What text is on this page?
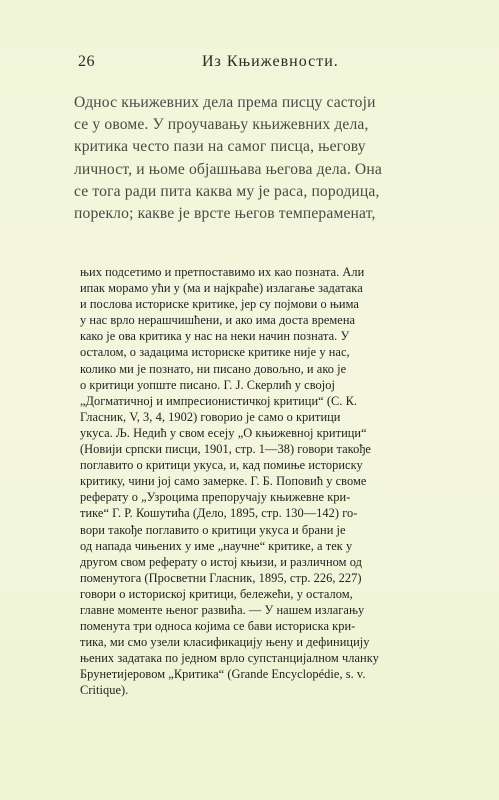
26	Из Књижевности.
Однос књижевних дела према писцу састоји
се у овоме. У проучавању књижевних дела,
критика често пази на самог писца, његову
личност, и њоме објашњава његова дела. Она
се тога ради пита каква му је раса, породица,
порекло; какве је врсте његов темпераменат,
њих подсетимо и претпоставимо их као позната. Али
ипак морамо ући у (ма и најкраће) излагање задатака
и послова историске критике, јер су појмови о њима
у нас врло нерашчишћени, и ако има доста времена
како је ова критика у нас на неки начин позната. У
осталом, о задацима историске критике није у нас,
колико ми је познато, ни писано довољно, и ако је
о критици уопште писано. Г. Ј. Скерлић у својој
„Догматичној и импресионистичкој критици“ (С. К.
Гласник, V, 3, 4, 1902) говорио је само о критици
укуса. Љ. Недић у свом есеју „О књижевној критици“
(Новији српски писци, 1901, стр. 1—38) говори такође
поглавито о критици укуса, и, кад помиње историску
критику, чини јој само замерке. Г. Б. Поповић у своме
реферату о „Узроцима препоручају књижевне кри-
тике“ Г. Р. Кошутића (Дело, 1895, стр. 130—142) го-
вори такође поглавито о критици укуса и брани је
од напада чињених у име „научне“ критике, а тек у
другом свом реферату о истој књизи, и различном од
поменутога (Просветни Гласник, 1895, стр. 226, 227)
говори о историској критици, бележећи, у осталом,
главне моменте њеног развића. — У нашем излагању
поменута три односа којима се бави историска кри-
тика, ми смо узели класификацију њену и дефиницију
њених задатака по једном врло супстанцијалном чланку
Брунетијеровом „Критика“ (Grande Encyclopédie, s. v.
Critique).
